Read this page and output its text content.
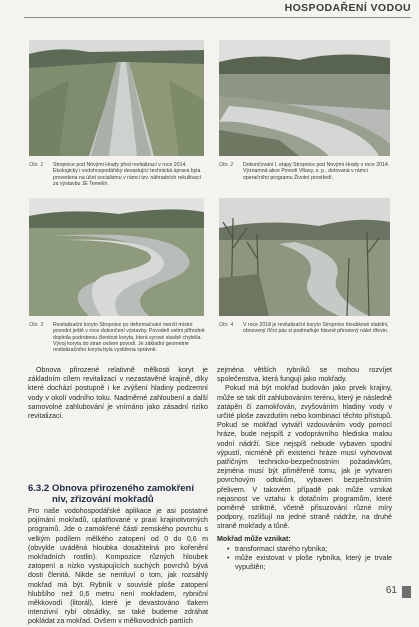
HOSPODAŘENÍ VODOU
Obr. 1 Stropnice pod Novými Hrady před revitalizací v roce 2014. Ekologicky i vodohospodářsky devastující technická úprava byla provedena na účet socialismu v rámci tzv. náhradních rekultivací za výstavbu JE Temelín.
Obr. 2 Dokončování I. etapy Stropnice pod Novými Hrady v roce 2014. Významná akce Povodí Vltavy, s. p., dotovaná v rámci operačního programu Životní prostředí.
Obr. 3 Revitalizační koryto Stropnice po deformačvání menší místní povodní ještě v roce dokončení výstavby. Povodeň velmi přihodně doplnila podrobnou členitost koryta, která syrové stavbě chyběla. Vývoj koryta do stran ovšem povodí. Je základní geometrie revitalizačního koryta byla vystižena správně.
Obr. 4 V roce 2018 je revitalizační koryto Stropnice hloubkově stabilní, obnovený říční pás si podmaňuje hlavně přirozený nálet dřevin.

Obnova přirozené relativně mělkosti koryt je základním cílem revitalizací v nezastavěné krajině, díky které dochází postupně i ke zvýšení hladiny podzemní vody v okolí vodního toku. Nadměrné zahloubení a další samovolné zahlubování je vnímáno jako zásadní riziko revitalizací.

6.3.2 Obnova přirozeného zamokření niv, zřizování mokřadů

Pro naše vodohospodářské aplikace je asi postatné pojímání mokřadů, uplatňované v praxi krajinotvorných programů. Jde o zamokřené části zemského povrchu s velkým podílem mělkého zatopení od 0 do 0,6 m (obvykle uváděná hloubka dosažitelná pro kořenění mokřadních rostlin). Kompozice různých hloubek zatopení a nízko vystupujících suchých povrchů bývá dosti členitá. Nikde se nemluví o tom, jak rozsáhlý mokřad má být. Rybník v souvislé ploše zatopení hlubšího než 0,6 metru není mokřadem, rybniční měkkovodí (litorál), které je devastováno tlakem intenzivní rybí obsádky, se také budeme zdráhat pokládat za mokřad. Ovšem v mělkovodních partiích

zejména větších rybníků se mohou rozvíjet společenstva, která fungují jako mokřady.

Pokud má být mokřad budován jako prvek krajiny, může se tak dít zahlubováním terénu, který je následně zatápěn či zamokřován, zvyšováním hladiny vody v určité ploše zavzdutím nebo kombinací těchto přístupů. Pokud se mokřad vytváří vzdouváním vody pomocí hráze, bude nejspíš z vodoprávního hlediska malou vodní nádrží. Sice nejspíš nebude vybaven spodní výpustí, nicméně při existenci hráze musí vyhovovat patřičným technicko-bezpečnostním požadavkům, zejména musí být přiměřeně tomu, jak je vytvaren povrchovým odtokům, vybaven bezpečnostním přelivem. V takovém případě pak může vznikat nejasnost ve vztahu k dotačním programům, které poměrně striktně, včetně přisuzování různé míry podpory, rozlišují na jedné straně nádrže, na druhé straně mokřady a tůně.

Mokřad může vznikat:
• transformací starého rybníka;
• může existovat v ploše rybníka, který je trvale vypuštěn;
61
